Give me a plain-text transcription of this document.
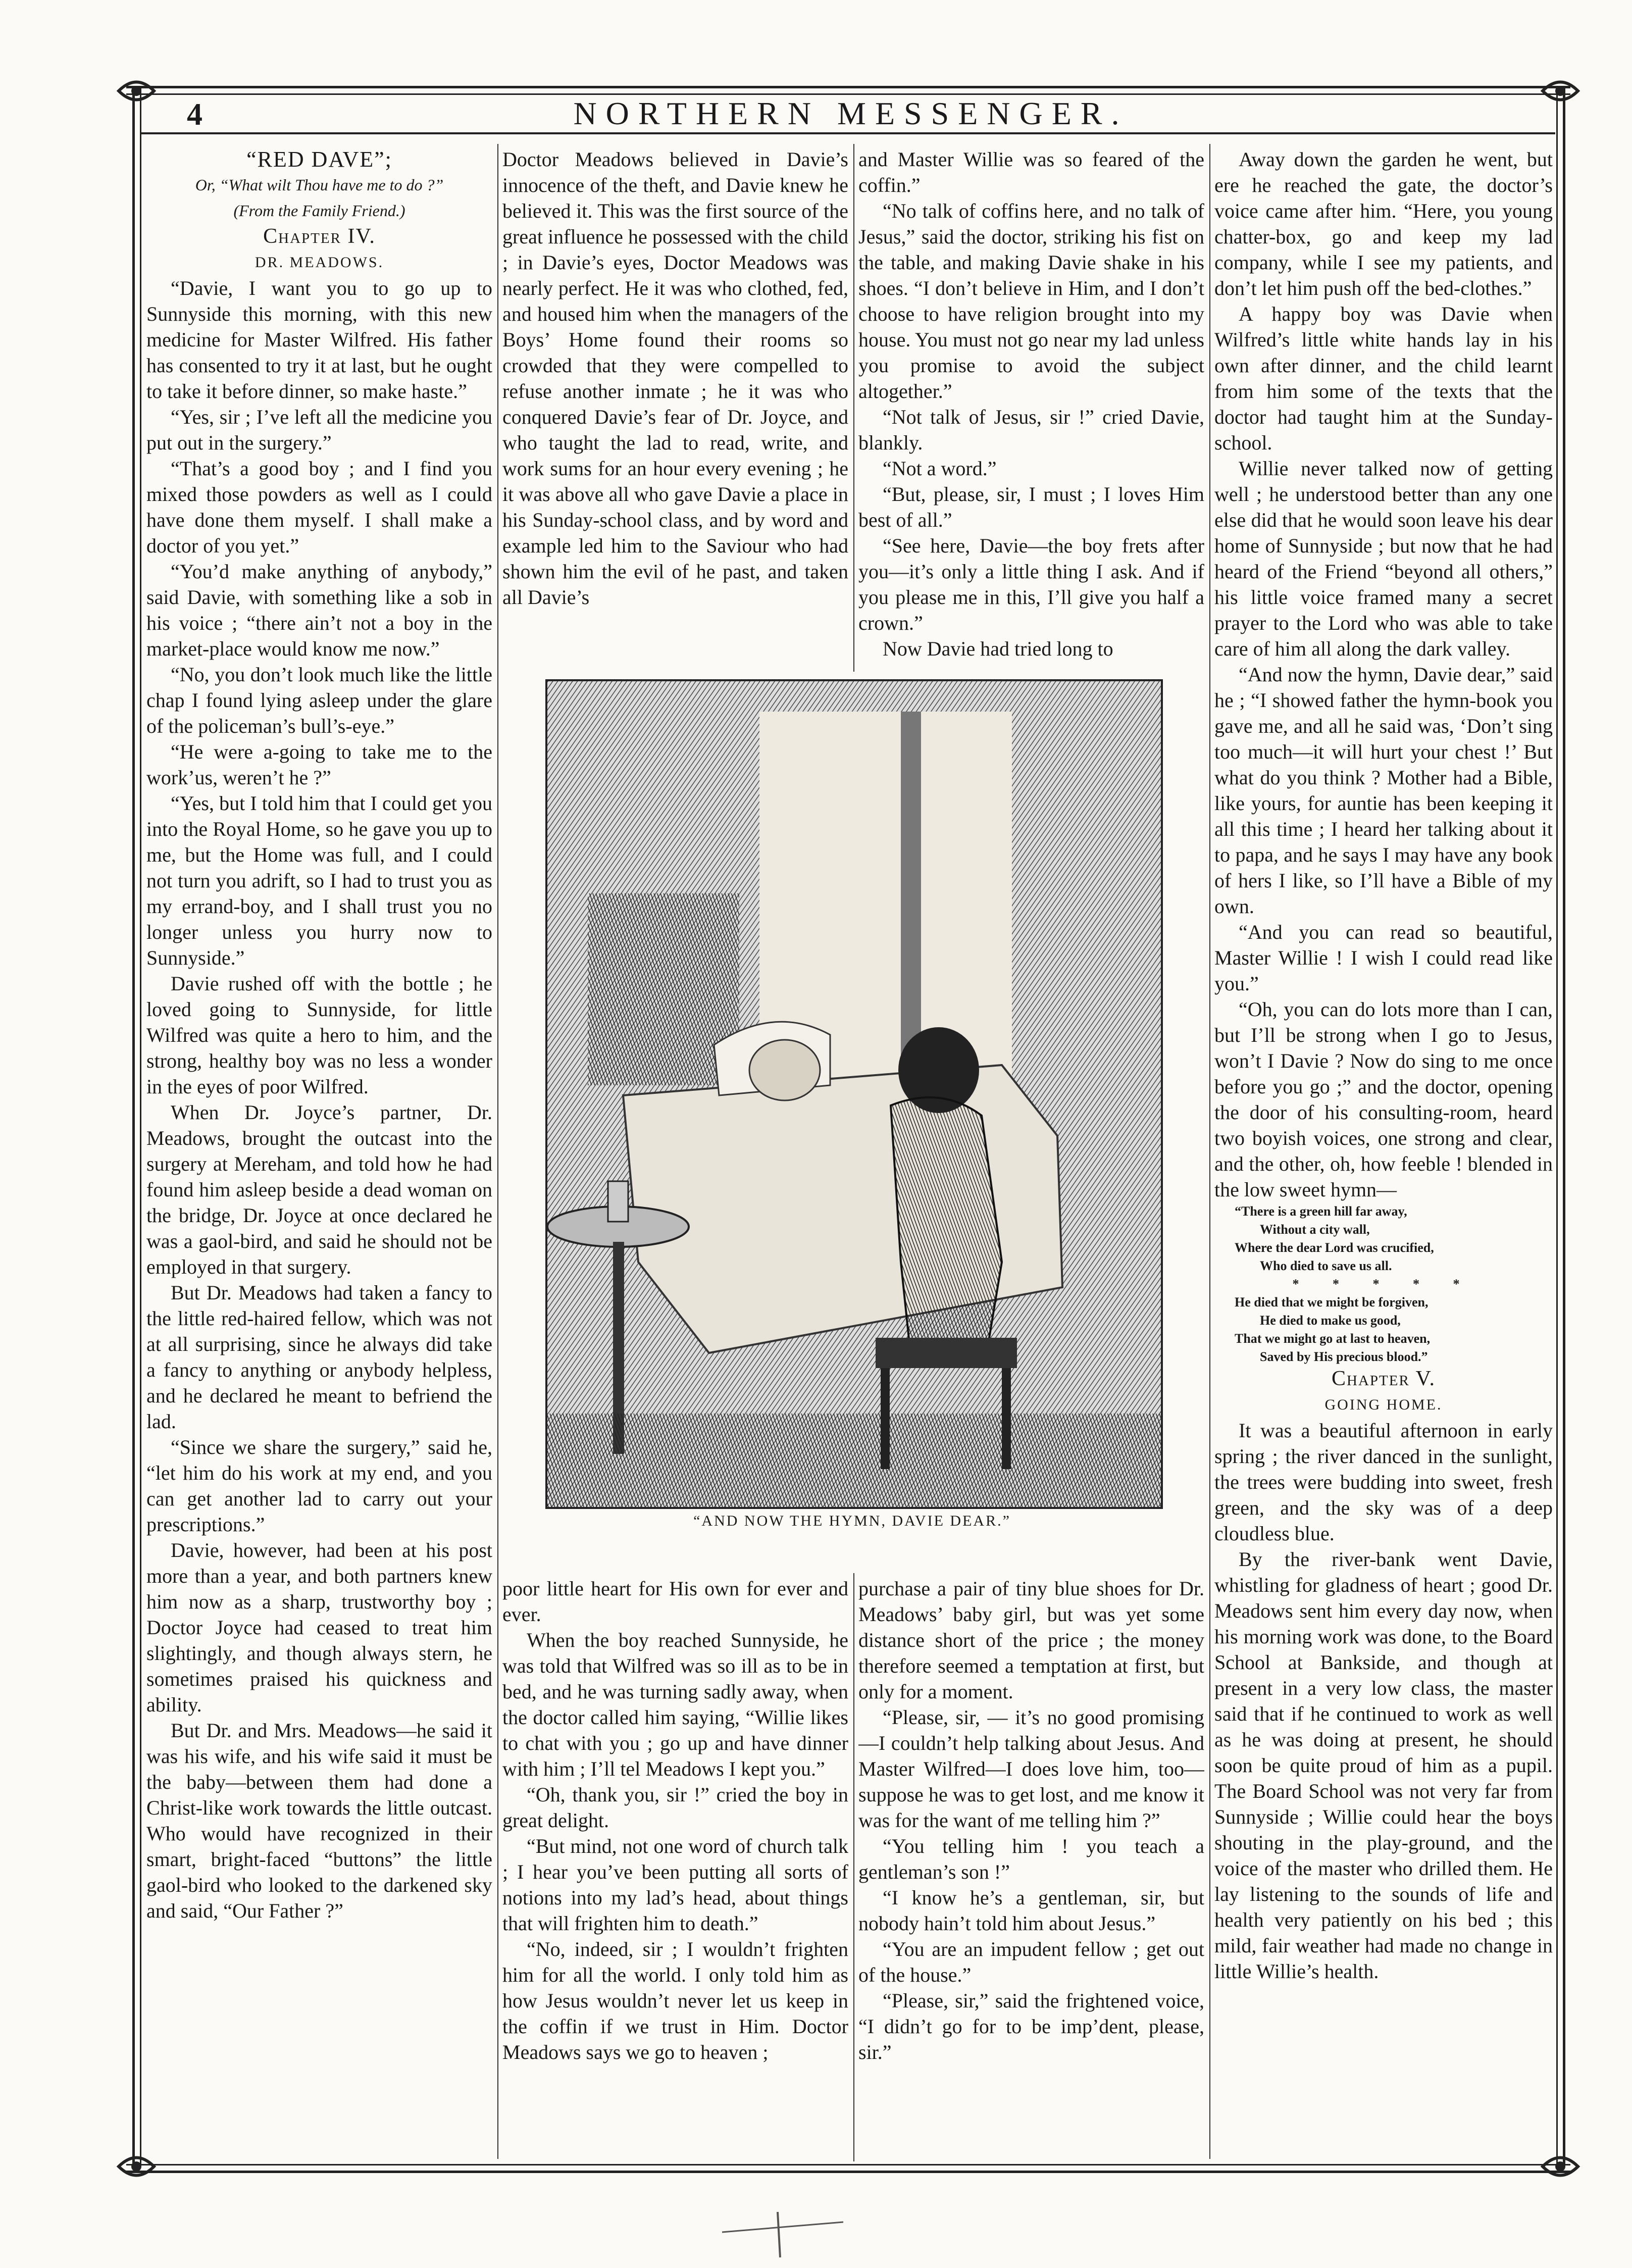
4	NORTHERN MESSENGER.

“RED DAVE”;

Or, “What wilt Thou have me to do ?”

(From the Family Friend.)

Chapter IV.

DR. MEADOWS.

“Davie, I want you to go up to Sunnyside this morning, with this new medicine for Master Wilfred. His father has consented to try it at last, but he ought to take it before dinner, so make haste.”

“Yes, sir ; I’ve left all the medicine you put out in the surgery.”

“That’s a good boy ; and I find you mixed those powders as well as I could have done them myself. I shall make a doctor of you yet.”

“You’d make anything of anybody,” said Davie, with something like a sob in his voice ; “there ain’t not a boy in the market-place would know me now.”

“No, you don’t look much like the little chap I found lying asleep under the glare of the policeman’s bull’s-eye.”

“He were a-going to take me to the work’us, weren’t he ?”

“Yes, but I told him that I could get you into the Royal Home, so he gave you up to me, but the Home was full, and I could not turn you adrift, so I had to trust you as my errand-boy, and I shall trust you no longer unless you hurry now to Sunnyside.”

Davie rushed off with the bottle ; he loved going to Sunnyside, for little Wilfred was quite a hero to him, and the strong, healthy boy was no less a wonder in the eyes of poor Wilfred.

When Dr. Joyce’s partner, Dr. Meadows, brought the outcast into the surgery at Mereham, and told how he had found him asleep beside a dead woman on the bridge, Dr. Joyce at once declared he was a gaol-bird, and said he should not be employed in that surgery.

But Dr. Meadows had taken a fancy to the little red-haired fellow, which was not at all surprising, since he always did take a fancy to anything or anybody helpless, and he declared he meant to befriend the lad.

“Since we share the surgery,” said he, “let him do his work at my end, and you can get another lad to carry out your prescriptions.”

Davie, however, had been at his post more than a year, and both partners knew him now as a sharp, trustworthy boy ; Doctor Joyce had ceased to treat him slightingly, and though always stern, he sometimes praised his quickness and ability.

But Dr. and Mrs. Meadows—he said it was his wife, and his wife said it must be the baby—between them had done a Christ-like work towards the little outcast. Who would have recognized in their smart, bright-faced “buttons” the little gaol-bird who looked to the darkened sky and said, “Our Father ?”

Doctor Meadows believed in Davie’s innocence of the theft, and Davie knew he believed it. This was the first source of the great influence he possessed with the child ; in Davie’s eyes, Doctor Meadows was nearly perfect. He it was who clothed, fed, and housed him when the managers of the Boys’ Home found their rooms so crowded that they were compelled to refuse another inmate ; he it was who conquered Davie’s fear of Dr. Joyce, and who taught the lad to read, write, and work sums for an hour every evening ; he it was above all who gave Davie a place in his Sunday-school class, and by word and example led him to the Saviour who had shown him the evil of he past, and taken all Davie’s

and Master Willie was so feared of the coffin.”

“No talk of coffins here, and no talk of Jesus,” said the doctor, striking his fist on the table, and making Davie shake in his shoes. “I don’t believe in Him, and I don’t choose to have religion brought into my house. You must not go near my lad unless you promise to avoid the subject altogether.”

“Not talk of Jesus, sir !” cried Davie, blankly.

“Not a word.”

“But, please, sir, I must ; I loves Him best of all.”

“See here, Davie—the boy frets after you—it’s only a little thing I ask. And if you please me in this, I’ll give you half a crown.”

Now Davie had tried long to

“AND NOW THE HYMN, DAVIE DEAR.”

poor little heart for His own for ever and ever.

When the boy reached Sunnyside, he was told that Wilfred was so ill as to be in bed, and he was turning sadly away, when the doctor called him saying, “Willie likes to chat with you ; go up and have dinner with him ; I’ll tel Meadows I kept you.”

“Oh, thank you, sir !” cried the boy in great delight.

“But mind, not one word of church talk ; I hear you’ve been putting all sorts of notions into my lad’s head, about things that will frighten him to death.”

“No, indeed, sir ; I wouldn’t frighten him for all the world. I only told him as how Jesus wouldn’t never let us keep in the coffin if we trust in Him. Doctor Meadows says we go to heaven ;

purchase a pair of tiny blue shoes for Dr. Meadows’ baby girl, but was yet some distance short of the price ; the money therefore seemed a temptation at first, but only for a moment.

“Please, sir, — it’s no good promising—I couldn’t help talking about Jesus. And Master Wilfred—I does love him, too—suppose he was to get lost, and me know it was for the want of me telling him ?”

“You telling him ! you teach a gentleman’s son !”

“I know he’s a gentleman, sir, but nobody hain’t told him about Jesus.”

“You are an impudent fellow ; get out of the house.”

“Please, sir,” said the frightened voice, “I didn’t go for to be imp’dent, please, sir.”

Away down the garden he went, but ere he reached the gate, the doctor’s voice came after him. “Here, you young chatter-box, go and keep my lad company, while I see my patients, and don’t let him push off the bed-clothes.”

A happy boy was Davie when Wilfred’s little white hands lay in his own after dinner, and the child learnt from him some of the texts that the doctor had taught him at the Sunday-school.

Willie never talked now of getting well ; he understood better than any one else did that he would soon leave his dear home of Sunnyside ; but now that he had heard of the Friend “beyond all others,” his little voice framed many a secret prayer to the Lord who was able to take care of him all along the dark valley.

“And now the hymn, Davie dear,” said he ; “I showed father the hymn-book you gave me, and all he said was, ‘Don’t sing too much—it will hurt your chest !’ But what do you think ? Mother had a Bible, like yours, for auntie has been keeping it all this time ; I heard her talking about it to papa, and he says I may have any book of hers I like, so I’ll have a Bible of my own.

“And you can read so beautiful, Master Willie ! I wish I could read like you.”

“Oh, you can do lots more than I can, but I’ll be strong when I go to Jesus, won’t I Davie ? Now do sing to me once before you go ;” and the doctor, opening the door of his consulting-room, heard two boyish voices, one strong and clear, and the other, oh, how feeble ! blended in the low sweet hymn—

“There is a green hill far away,
Without a city wall,
Where the dear Lord was crucified,
Who died to save us all.
* * * * *
He died that we might be forgiven,
He died to make us good,
That we might go at last to heaven,
Saved by His precious blood.”

Chapter V.

GOING HOME.

It was a beautiful afternoon in early spring ; the river danced in the sunlight, the trees were budding into sweet, fresh green, and the sky was of a deep cloudless blue.

By the river-bank went Davie, whistling for gladness of heart ; good Dr. Meadows sent him every day now, when his morning work was done, to the Board School at Bankside, and though at present in a very low class, the master said that if he continued to work as well as he was doing at present, he should soon be quite proud of him as a pupil. The Board School was not very far from Sunnyside ; Willie could hear the boys shouting in the play-ground, and the voice of the master who drilled them. He lay listening to the sounds of life and health very patiently on his bed ; this mild, fair weather had made no change in little Willie’s health.
